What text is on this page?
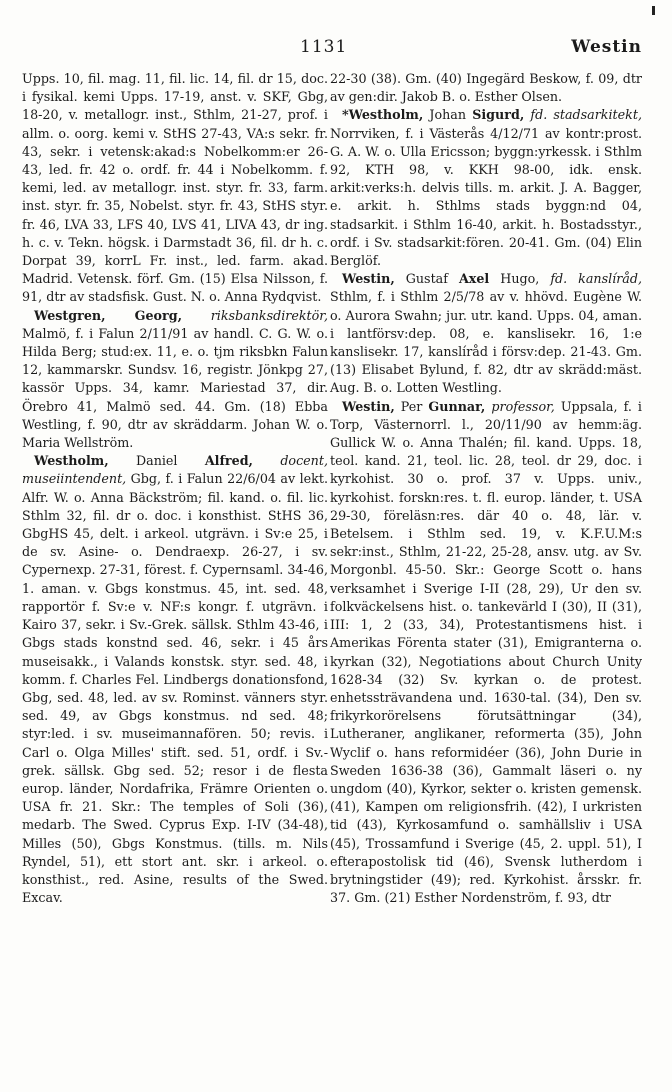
1131	Westin

Upps. 10, fil. mag. 11, fil. lic. 14, fil. dr 15, doc. i fysikal. kemi Upps. 17-19, anst. v. SKF, Gbg, 18-20, v. metallogr. inst., Sthlm, 21-27, prof. i allm. o. oorg. kemi v. StHS 27-43, VA:s sekr. fr. 43, sekr. i vetensk:akad:s Nobelkomm:er 26-43, led. fr. 42 o. ordf. fr. 44 i Nobelkomm. f. kemi, led. av metallogr. inst. styr. fr. 33, farm. inst. styr. fr. 35, Nobelst. styr. fr. 43, StHS styr. fr. 46, LVA 33, LFS 40, LVS 41, LIVA 43, dr ing. h. c. v. Tekn. högsk. i Darmstadt 36, fil. dr h. c. Dorpat 39, korrL Fr. inst., led. farm. akad. Madrid. Vetensk. förf. Gm. (15) Elsa Nilsson, f. 91, dtr av stadsfisk. Gust. N. o. Anna Rydqvist.

Westgren, Georg, riksbanksdirektör, Malmö, f. i Falun 2/11/91 av handl. C. G. W. o. Hilda Berg; stud:ex. 11, e. o. tjm riksbkn Falun 12, kammarskr. Sundsv. 16, registr. Jönkpg 27, kassör Upps. 34, kamr. Mariestad 37, dir. Örebro 41, Malmö sed. 44. Gm. (18) Ebba Westling, f. 90, dtr av skräddarm. Johan W. o. Maria Wellström.

Westholm, Daniel Alfred, docent, museiintendent, Gbg, f. i Falun 22/6/04 av lekt. Alfr. W. o. Anna Bäckström; fil. kand. o. fil. lic. Sthlm 32, fil. dr o. doc. i konsthist. StHS 36, GbgHS 45, delt. i arkeol. utgrävn. i Sv:e 25, i de sv. Asine- o. Dendraexp. 26-27, i sv. Cypernexp. 27-31, förest. f. Cypernsaml. 34-46, 1. aman. v. Gbgs konstmus. 45, int. sed. 48, rapportör f. Sv:e v. NF:s kongr. f. utgrävn. i Kairo 37, sekr. i Sv.-Grek. sällsk. Sthlm 43-46, i Gbgs stads konstnd sed. 46, sekr. i 45 års museisakk., i Valands konstsk. styr. sed. 48, i komm. f. Charles Fel. Lindbergs donationsfond, Gbg, sed. 48, led. av sv. Rominst. vänners styr. sed. 49, av Gbgs konstmus. nd sed. 48; styr:led. i sv. museimannafören. 50; revis. i Carl o. Olga Milles' stift. sed. 51, ordf. i Sv.-grek. sällsk. Gbg sed. 52; resor i de flesta europ. länder, Nordafrika, Främre Orienten o. USA fr. 21. Skr.: The temples of Soli (36), medarb. The Swed. Cyprus Exp. I-IV (34-48), Milles (50), Gbgs Konstmus. (tills. m. Nils Ryndel, 51), ett stort ant. skr. i arkeol. o. konsthist., red. Asine, results of the Swed. Excav.

22-30 (38). Gm. (40) Ingegärd Beskow, f. 09, dtr av gen:dir. Jakob B. o. Esther Olsen.

*Westholm, Johan Sigurd, fd. stadsarkitekt, Norrviken, f. i Västerås 4/12/71 av kontr:prost. G. A. W. o. Ulla Ericsson; byggn:yrkessk. i Sthlm 92, KTH 98, v. KKH 98-00, idk. ensk. arkit:verks:h. delvis tills. m. arkit. J. A. Bagger, e. arkit. h. Sthlms stads byggn:nd 04, stadsarkit. i Sthlm 16-40, arkit. h. Bostadsstyr., ordf. i Sv. stadsarkit:fören. 20-41. Gm. (04) Elin Berglöf.

Westin, Gustaf Axel Hugo, fd. kanslíråd, Sthlm, f. i Sthlm 2/5/78 av v. hhövd. Eugène W. o. Aurora Swahn; jur. utr. kand. Upps. 04, aman. i lantförsv:dep. 08, e. kanslisekr. 16, 1:e kanslisekr. 17, kanslíråd i försv:dep. 21-43. Gm. (13) Elisabet Bylund, f. 82, dtr av skrädd:mäst. Aug. B. o. Lotten Westling.

Westin, Per Gunnar, professor, Uppsala, f. i Torp, Västernorrl. l., 20/11/90 av hemm:äg. Gullick W. o. Anna Thalén; fil. kand. Upps. 18, teol. kand. 21, teol. lic. 28, teol. dr 29, doc. i kyrkohist. 30 o. prof. 37 v. Upps. univ., kyrkohist. forskn:res. t. fl. europ. länder, t. USA 29-30, föreläsn:res. där 40 o. 48, lär. v. Betelsem. i Sthlm sed. 19, v. K.F.U.M:s sekr:inst., Sthlm, 21-22, 25-28, ansv. utg. av Sv. Morgonbl. 45-50. Skr.: George Scott o. hans verksamhet i Sverige I-II (28, 29), Ur den sv. folkväckelsens hist. o. tankevärld I (30), II (31), III: 1, 2 (33, 34), Protestantismens hist. i Amerikas Förenta stater (31), Emigranterna o. kyrkan (32), Negotiations about Church Unity 1628-34 (32) Sv. kyrkan o. de protest. enhetssträvandena und. 1630-tal. (34), Den sv. frikyrkorörelsens förutsättningar (34), Lutheraner, anglikaner, reformerta (35), John Wyclif o. hans reformidéer (36), John Durie in Sweden 1636-38 (36), Gammalt läseri o. ny ungdom (40), Kyrkor, sekter o. kristen gemensk. (41), Kampen om religionsfrih. (42), I urkristen tid (43), Kyrkosamfund o. samhällsliv i USA (45), Trossamfund i Sverige (45, 2. uppl. 51), I efterapostolisk tid (46), Svensk lutherdom i brytningstider (49); red. Kyrkohist. årsskr. fr. 37. Gm. (21) Esther Nordenström, f. 93, dtr
